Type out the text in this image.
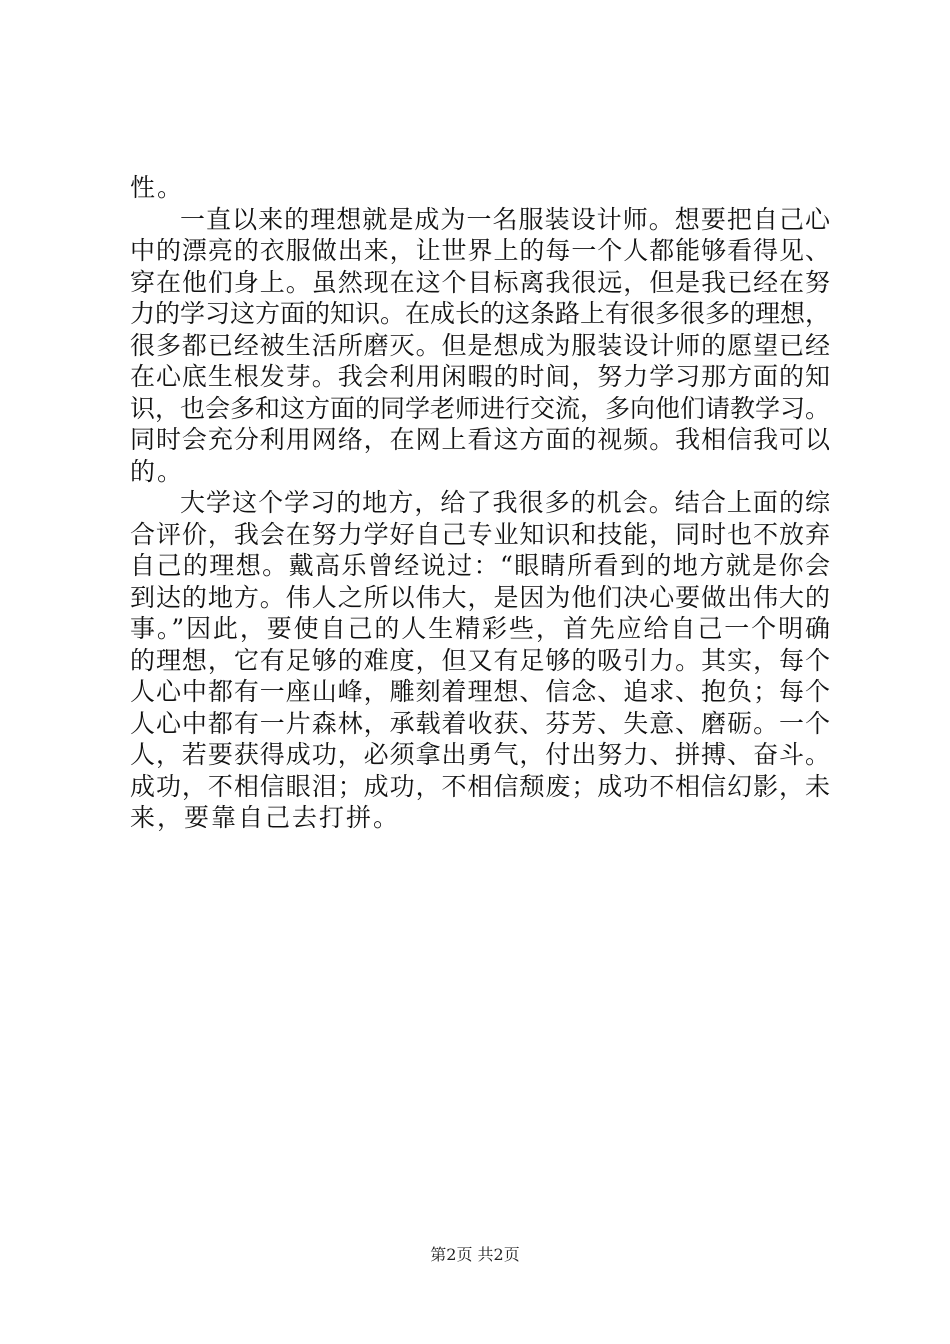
性。
一直以来的理想就是成为一名服装设计师。想要把自己心
中的漂亮的衣服做出来，让世界上的每一个人都能够看得见、
穿在他们身上。虽然现在这个目标离我很远，但是我已经在努
力的学习这方面的知识。在成长的这条路上有很多很多的理想，
很多都已经被生活所磨灭。但是想成为服装设计师的愿望已经
在心底生根发芽。我会利用闲暇的时间，努力学习那方面的知
识，也会多和这方面的同学老师进行交流，多向他们请教学习。
同时会充分利用网络，在网上看这方面的视频。我相信我可以
的。
大学这个学习的地方，给了我很多的机会。结合上面的综
合评价，我会在努力学好自己专业知识和技能，同时也不放弃
自己的理想。戴高乐曾经说过：“眼睛所看到的地方就是你会
到达的地方。伟人之所以伟大，是因为他们决心要做出伟大的
事。”因此，要使自己的人生精彩些，首先应给自己一个明确
的理想，它有足够的难度，但又有足够的吸引力。其实，每个
人心中都有一座山峰，雕刻着理想、信念、追求、抱负；每个
人心中都有一片森林，承载着收获、芬芳、失意、磨砺。一个
人，若要获得成功，必须拿出勇气，付出努力、拼搏、奋斗。
成功，不相信眼泪；成功，不相信颓废；成功不相信幻影，未
来，要靠自己去打拼。
第2页 共2页
